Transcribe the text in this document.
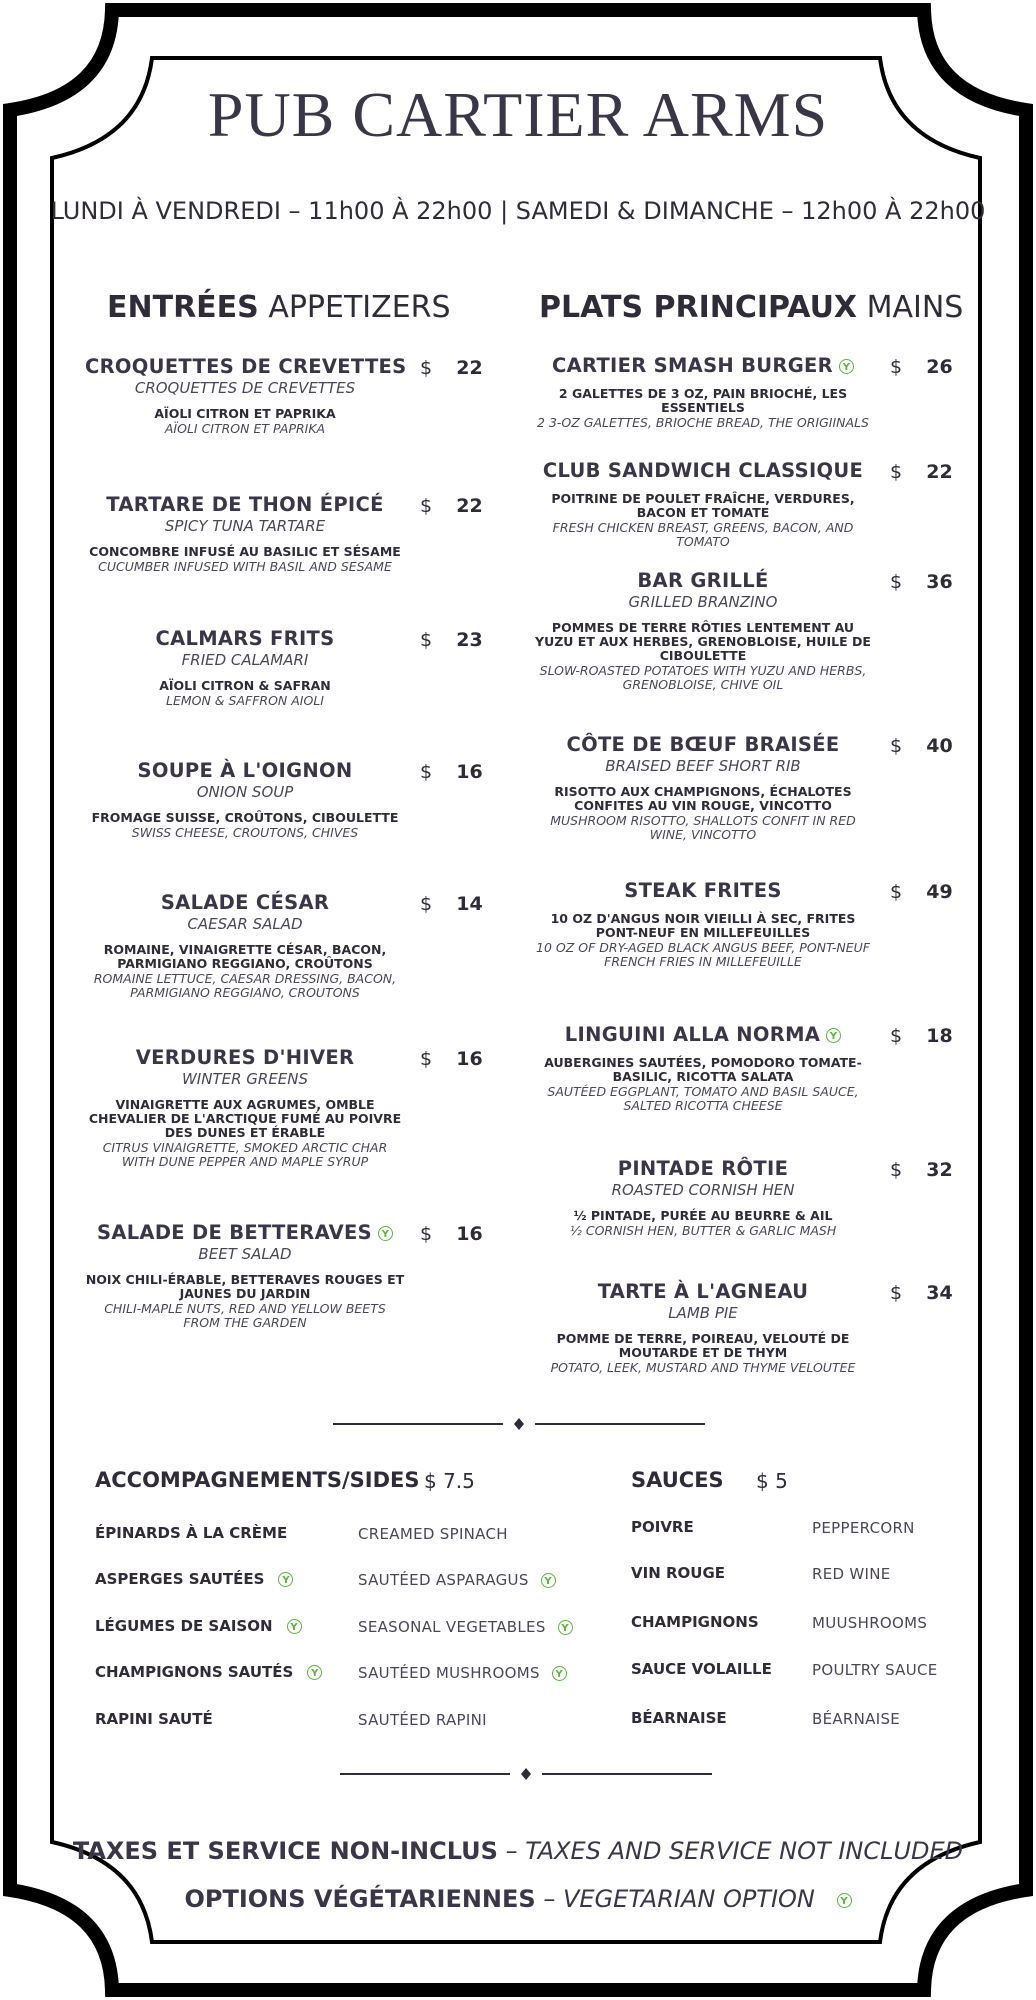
PUB CARTIER ARMS
LUNDI À VENDREDI – 11h00 À 22h00 | SAMEDI & DIMANCHE – 12h00 À 22h00
ENTRÉES APPETIZERS	PLATS PRINCIPAUX MAINS
CROQUETTES DE CREVETTES
CROQUETTES DE CREVETTES
AÏOLI CITRON ET PAPRIKA
AÏOLI CITRON ET PAPRIKA
$ 22
TARTARE DE THON ÉPICÉ
SPICY TUNA TARTARE
CONCOMBRE INFUSÉ AU BASILIC ET SÉSAME
CUCUMBER INFUSED WITH BASIL AND SESAME
$ 22
CALMARS FRITS
FRIED CALAMARI
AÏOLI CITRON & SAFRAN
LEMON & SAFFRON AIOLI
$ 23
SOUPE À L'OIGNON
ONION SOUP
FROMAGE SUISSE, CROÛTONS, CIBOULETTE
SWISS CHEESE, CROUTONS, CHIVES
$ 16
SALADE CÉSAR
CAESAR SALAD
ROMAINE, VINAIGRETTE CÉSAR, BACON, PARMIGIANO REGGIANO, CROÛTONS
ROMAINE LETTUCE, CAESAR DRESSING, BACON, PARMIGIANO REGGIANO, CROUTONS
$ 14
VERDURES D'HIVER
WINTER GREENS
VINAIGRETTE AUX AGRUMES, OMBLE CHEVALIER DE L'ARCTIQUE FUMÉ AU POIVRE DES DUNES ET ÉRABLE
CITRUS VINAIGRETTE, SMOKED ARCTIC CHAR WITH DUNE PEPPER AND MAPLE SYRUP
$ 16
SALADE DE BETTERAVES Y
BEET SALAD
NOIX CHILI-ÉRABLE, BETTERAVES ROUGES ET JAUNES DU JARDIN
CHILI-MAPLE NUTS, RED AND YELLOW BEETS FROM THE GARDEN
$ 16
CARTIER SMASH BURGER Y
2 GALETTES DE 3 OZ, PAIN BRIOCHÉ, LES ESSENTIELS
2 3-OZ GALETTES, BRIOCHE BREAD, THE ORIGIINALS
$ 26
CLUB SANDWICH CLASSIQUE
POITRINE DE POULET FRAÎCHE, VERDURES, BACON ET TOMATE
FRESH CHICKEN BREAST, GREENS, BACON, AND TOMATO
$ 22
BAR GRILLÉ
GRILLED BRANZINO
POMMES DE TERRE RÔTIES LENTEMENT AU YUZU ET AUX HERBES, GRENOBLOISE, HUILE DE CIBOULETTE
SLOW-ROASTED POTATOES WITH YUZU AND HERBS, GRENOBLOISE, CHIVE OIL
$ 36
CÔTE DE BŒUF BRAISÉE
BRAISED BEEF SHORT RIB
RISOTTO AUX CHAMPIGNONS, ÉCHALOTES CONFITES AU VIN ROUGE, VINCOTTO
MUSHROOM RISOTTO, SHALLOTS CONFIT IN RED WINE, VINCOTTO
$ 40
STEAK FRITES
10 OZ D'ANGUS NOIR VIEILLI À SEC, FRITES PONT-NEUF EN MILLEFEUILLES
10 OZ OF DRY-AGED BLACK ANGUS BEEF, PONT-NEUF FRENCH FRIES IN MILLEFEUILLE
$ 49
LINGUINI ALLA NORMA Y
AUBERGINES SAUTÉES, POMODORO TOMATE-BASILIC, RICOTTA SALATA
SAUTÉED EGGPLANT, TOMATO AND BASIL SAUCE, SALTED RICOTTA CHEESE
$ 18
PINTADE RÔTIE
ROASTED CORNISH HEN
½ PINTADE, PURÉE AU BEURRE & AIL
½ CORNISH HEN, BUTTER & GARLIC MASH
$ 32
TARTE À L'AGNEAU
LAMB PIE
POMME DE TERRE, POIREAU, VELOUTÉ DE MOUTARDE ET DE THYM
POTATO, LEEK, MUSTARD AND THYME VELOUTEE
$ 34
ACCOMPAGNEMENTS/SIDES $ 7.5
ÉPINARDS À LA CRÈME	CREAMED SPINACH
ASPERGES SAUTÉES Y	SAUTÉED ASPARAGUS Y
LÉGUMES DE SAISON Y	SEASONAL VEGETABLES Y
CHAMPIGNONS SAUTÉS Y	SAUTÉED MUSHROOMS Y
RAPINI SAUTÉ	SAUTÉED RAPINI
SAUCES $ 5
POIVRE	PEPPERCORN
VIN ROUGE	RED WINE
CHAMPIGNONS	MUUSHROOMS
SAUCE VOLAILLE	POULTRY SAUCE
BÉARNAISE	BÉARNAISE
TAXES ET SERVICE NON-INCLUS – TAXES AND SERVICE NOT INCLUDED
OPTIONS VÉGÉTARIENNES – VEGETARIAN OPTION	Y
